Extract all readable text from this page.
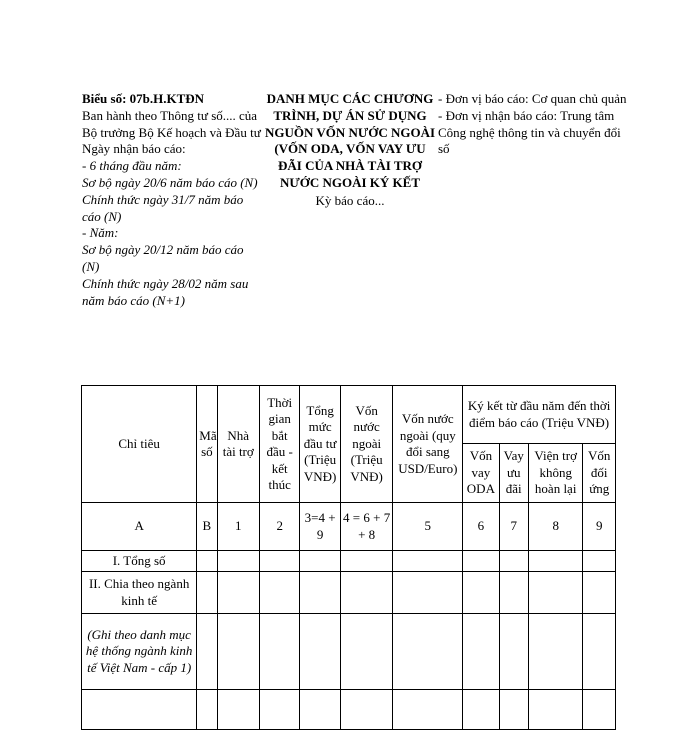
Biểu số: 07b.H.KTĐN
Ban hành theo Thông tư số.... của Bộ trưởng Bộ Kế hoạch và Đầu tư
Ngày nhận báo cáo:
- 6 tháng đầu năm:
Sơ bộ ngày 20/6 năm báo cáo (N)
Chính thức ngày 31/7 năm báo cáo (N)
- Năm:
Sơ bộ ngày 20/12 năm báo cáo (N)
Chính thức ngày 28/02 năm sau năm báo cáo (N+1)
DANH MỤC CÁC CHƯƠNG TRÌNH, DỰ ÁN SỬ DỤNG NGUỒN VỐN NƯỚC NGOÀI (VỐN ODA, VỐN VAY ƯU ĐÃI CỦA NHÀ TÀI TRỢ NƯỚC NGOÀI KÝ KẾT
Kỳ báo cáo...
- Đơn vị báo cáo: Cơ quan chủ quản
- Đơn vị nhận báo cáo: Trung tâm Công nghệ thông tin và chuyển đổi số
Chỉ tiêu	Mã số	Nhà tài trợ	Thời gian bắt đầu - kết thúc	Tổng mức đầu tư (Triệu VNĐ)	Vốn nước ngoài (Triệu VNĐ)	Vốn nước ngoài (quy đổi sang USD/Euro)	Ký kết từ đầu năm đến thời điểm báo cáo (Triệu VNĐ)			
							Vốn vay ODA	Vay ưu đãi	Viện trợ không hoàn lại	Vốn đối ứng
A	B	1	2	3=4 + 9	4 = 6 + 7 + 8	5	6	7	8	9
I. Tổng số										
II. Chia theo ngành kinh tế										
(Ghi theo danh mục hệ thống ngành kinh tế Việt Nam - cấp 1)										
